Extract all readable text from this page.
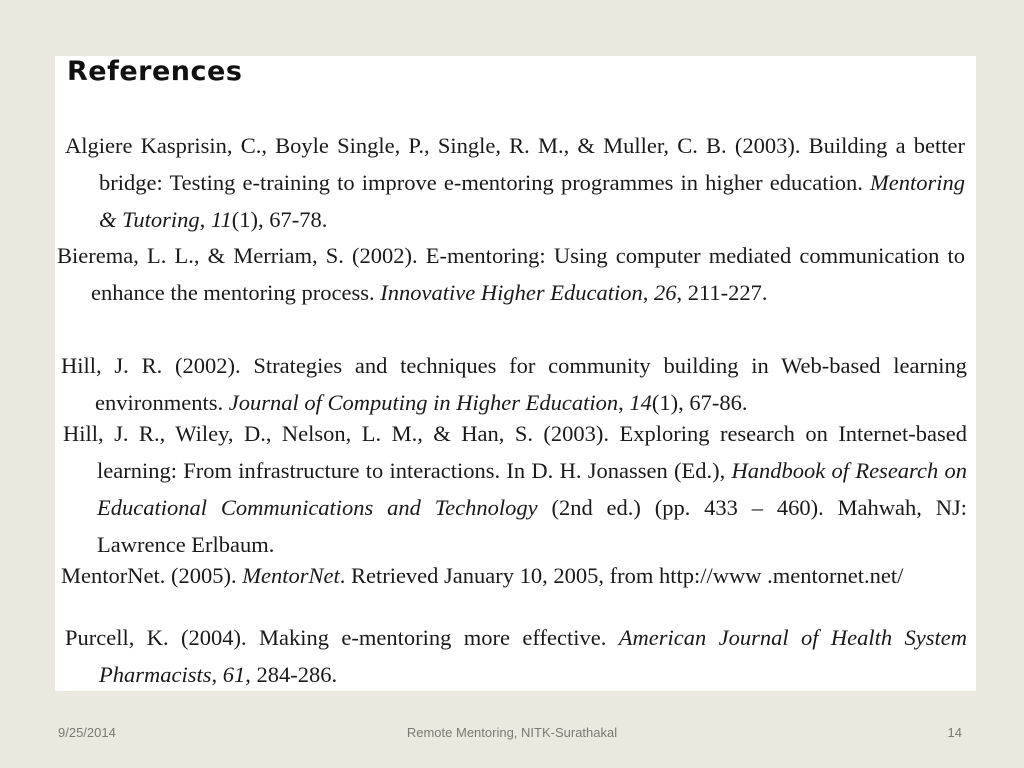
References

Algiere Kasprisin, C., Boyle Single, P., Single, R. M., & Muller, C. B. (2003). Building a better bridge: Testing e-training to improve e-mentoring programmes in higher education. Mentoring & Tutoring, 11(1), 67-78.

Bierema, L. L., & Merriam, S. (2002). E-mentoring: Using computer mediated communication to enhance the mentoring process. Innovative Higher Education, 26, 211-227.

Hill, J. R. (2002). Strategies and techniques for community building in Web-based learning environments. Journal of Computing in Higher Education, 14(1), 67-86.

Hill, J. R., Wiley, D., Nelson, L. M., & Han, S. (2003). Exploring research on Internet-based learning: From infrastructure to interactions. In D. H. Jonassen (Ed.), Handbook of Research on Educational Communications and Technology (2nd ed.) (pp. 433 – 460). Mahwah, NJ: Lawrence Erlbaum.

MentorNet. (2005). MentorNet. Retrieved January 10, 2005, from http://www .mentornet.net/

Purcell, K. (2004). Making e-mentoring more effective. American Journal of Health System Pharmacists, 61, 284-286.

9/25/2014	Remote Mentoring, NITK-Surathakal	14
